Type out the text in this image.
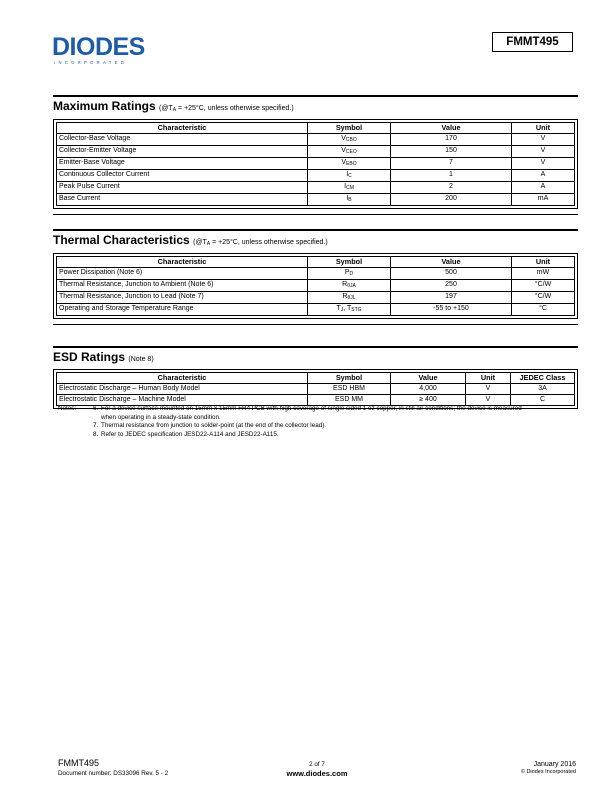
DIODES
INCORPORATED
FMMT495
Maximum Ratings ($@T_A = +25^\circ C$, unless otherwise specified.)
Characteristic	Symbol	Value	Unit
Collector-Base Voltage	$V_{CBO}$	170	V
Collector-Emitter Voltage	$V_{CEO}$	150	V
Emitter-Base Voltage	$V_{EBO}$	7	V
Continuous Collector Current	$I_C$	1	A
Peak Pulse Current	$I_{CM}$	2	A
Base Current	$I_B$	200	mA
Thermal Characteristics ($@T_A = +25^\circ C$, unless otherwise specified.)
Characteristic	Symbol	Value	Unit
Power Dissipation (Note 6)	$P_D$	500	mW
Thermal Resistance, Junction to Ambient (Note 6)	$R_{\theta JA}$	250	°C/W
Thermal Resistance, Junction to Lead (Note 7)	$R_{\theta JL}$	197	°C/W
Operating and Storage Temperature Range	$T_J$, $T_{STG}$	-55 to +150	°C
ESD Ratings (Note 8)
Characteristic	Symbol	Value	Unit	JEDEC Class
Electrostatic Discharge – Human Body Model	ESD HBM	4,000	V	3A
Electrostatic Discharge – Machine Model	ESD MM	≥ 400	V	C
Notes:	6. For a device surface mounted on 15mm x 15mm FR4 PCB with high coverage of single sided 1 oz copper, in still air conditions; the device is measured
when operating in a steady-state condition.
7. Thermal resistance from junction to solder-point (at the end of the collector lead).
8. Refer to JEDEC specification JESD22-A114 and JESD22-A115.
FMMT495
Document number: DS33096 Rev. 5 - 2
2 of 7
www.diodes.com
January 2016
© Diodes Incorporated
